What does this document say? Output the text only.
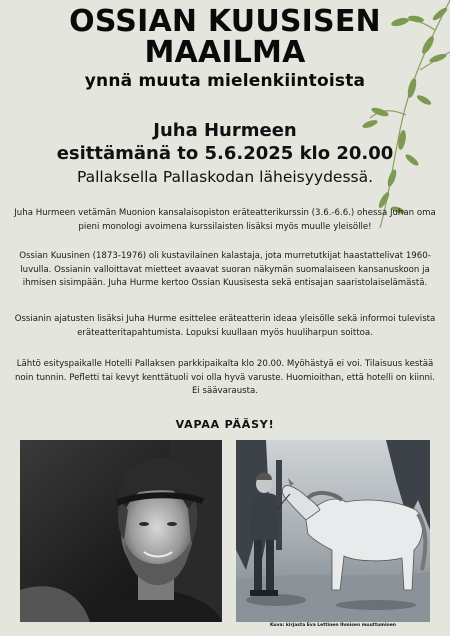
OSSIAN KUUSISEN
MAAILMA
ynnä muuta mielenkiintoista

Juha Hurmeen

esittämänä to 5.6.2025 klo 20.00

Pallaksella Pallaskodan läheisyydessä.

Juha Hurmeen vetämän Muonion kansalaisopiston eräteatterikurssin (3.6.-6.6.) ohessa Juhan oma pieni monologi avoimena kurssilaisten lisäksi myös muulle yleisölle!

Ossian Kuusinen (1873-1976) oli kustavilainen kalastaja, jota murretutkijat haastattelivat 1960-luvulla. Ossianin valloittavat mietteet avaavat suoran näkymän suomalaiseen kansanuskoon ja ihmisen sisimpään. Juha Hurme kertoo Ossian Kuusisesta sekä entisajan saaristolaiselämästä.

Ossianin ajatusten lisäksi Juha Hurme esittelee eräteatterin ideaa yleisölle sekä informoi tulevista eräteatteritapahtumista. Lopuksi kuullaan myös huuliharpun soittoa.

Lähtö esityspaikalle Hotelli Pallaksen parkkipaikalta klo 20.00. Myöhästyä ei voi. Tilaisuus kestää noin tunnin. Pefletti tai kevyt kenttätuoli voi olla hyvä varuste. Huomioithan, että hotelli on kiinni. Ei säävarausta.

VAPAA PÄÄSY!

Kuva: kirjasta Eva Lettinen Ihmisen muuttuminen
